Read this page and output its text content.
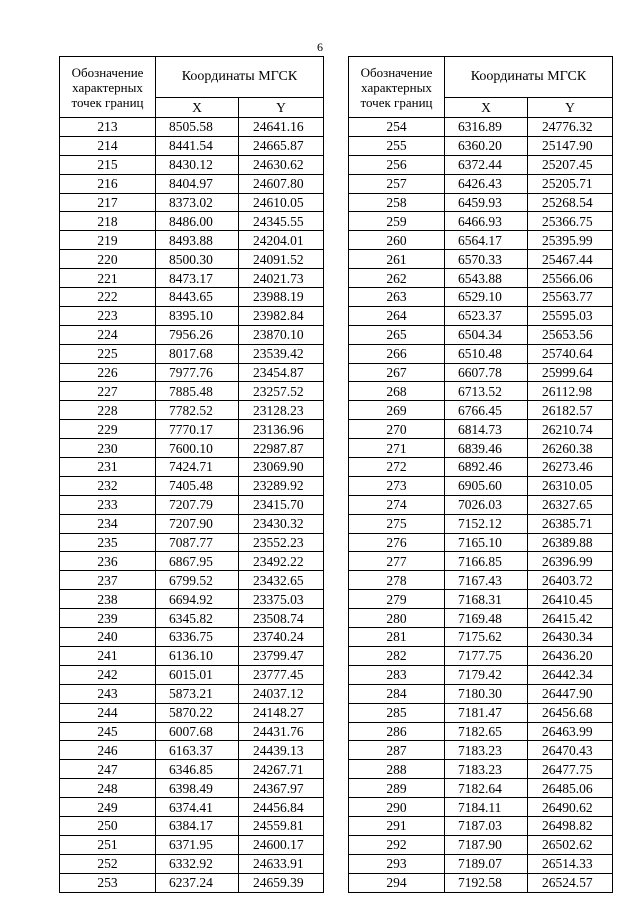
6
Обозначение характерных точек границ	Координаты МГСК	
	X	Y
213	8505.58	24641.16
214	8441.54	24665.87
215	8430.12	24630.62
216	8404.97	24607.80
217	8373.02	24610.05
218	8486.00	24345.55
219	8493.88	24204.01
220	8500.30	24091.52
221	8473.17	24021.73
222	8443.65	23988.19
223	8395.10	23982.84
224	7956.26	23870.10
225	8017.68	23539.42
226	7977.76	23454.87
227	7885.48	23257.52
228	7782.52	23128.23
229	7770.17	23136.96
230	7600.10	22987.87
231	7424.71	23069.90
232	7405.48	23289.92
233	7207.79	23415.70
234	7207.90	23430.32
235	7087.77	23552.23
236	6867.95	23492.22
237	6799.52	23432.65
238	6694.92	23375.03
239	6345.82	23508.74
240	6336.75	23740.24
241	6136.10	23799.47
242	6015.01	23777.45
243	5873.21	24037.12
244	5870.22	24148.27
245	6007.68	24431.76
246	6163.37	24439.13
247	6346.85	24267.71
248	6398.49	24367.97
249	6374.41	24456.84
250	6384.17	24559.81
251	6371.95	24600.17
252	6332.92	24633.91
253	6237.24	24659.39
Обозначение характерных точек границ	Координаты МГСК	
	X	Y
254	6316.89	24776.32
255	6360.20	25147.90
256	6372.44	25207.45
257	6426.43	25205.71
258	6459.93	25268.54
259	6466.93	25366.75
260	6564.17	25395.99
261	6570.33	25467.44
262	6543.88	25566.06
263	6529.10	25563.77
264	6523.37	25595.03
265	6504.34	25653.56
266	6510.48	25740.64
267	6607.78	25999.64
268	6713.52	26112.98
269	6766.45	26182.57
270	6814.73	26210.74
271	6839.46	26260.38
272	6892.46	26273.46
273	6905.60	26310.05
274	7026.03	26327.65
275	7152.12	26385.71
276	7165.10	26389.88
277	7166.85	26396.99
278	7167.43	26403.72
279	7168.31	26410.45
280	7169.48	26415.42
281	7175.62	26430.34
282	7177.75	26436.20
283	7179.42	26442.34
284	7180.30	26447.90
285	7181.47	26456.68
286	7182.65	26463.99
287	7183.23	26470.43
288	7183.23	26477.75
289	7182.64	26485.06
290	7184.11	26490.62
291	7187.03	26498.82
292	7187.90	26502.62
293	7189.07	26514.33
294	7192.58	26524.57
